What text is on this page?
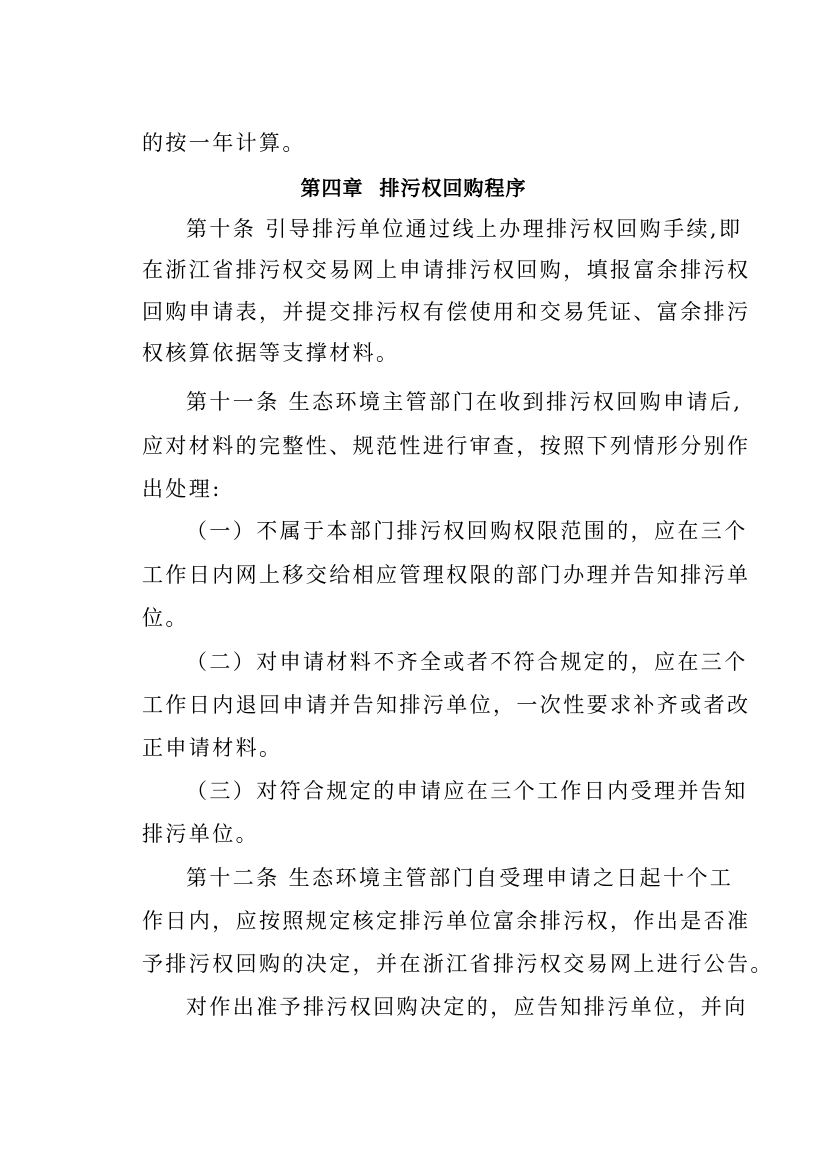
的按一年计算。
第四章  排污权回购程序
第十条 引导排污单位通过线上办理排污权回购手续,即
在浙江省排污权交易网上申请排污权回购，填报富余排污权
回购申请表，并提交排污权有偿使用和交易凭证、富余排污
权核算依据等支撑材料。
第十一条 生态环境主管部门在收到排污权回购申请后,
应对材料的完整性、规范性进行审查，按照下列情形分别作
出处理:
（一）不属于本部门排污权回购权限范围的，应在三个
工作日内网上移交给相应管理权限的部门办理并告知排污单
位。
（二）对申请材料不齐全或者不符合规定的，应在三个
工作日内退回申请并告知排污单位，一次性要求补齐或者改
正申请材料。
（三）对符合规定的申请应在三个工作日内受理并告知
排污单位。
第十二条 生态环境主管部门自受理申请之日起十个工
作日内，应按照规定核定排污单位富余排污权，作出是否准
予排污权回购的决定，并在浙江省排污权交易网上进行公告。
对作出准予排污权回购决定的，应告知排污单位，并向
